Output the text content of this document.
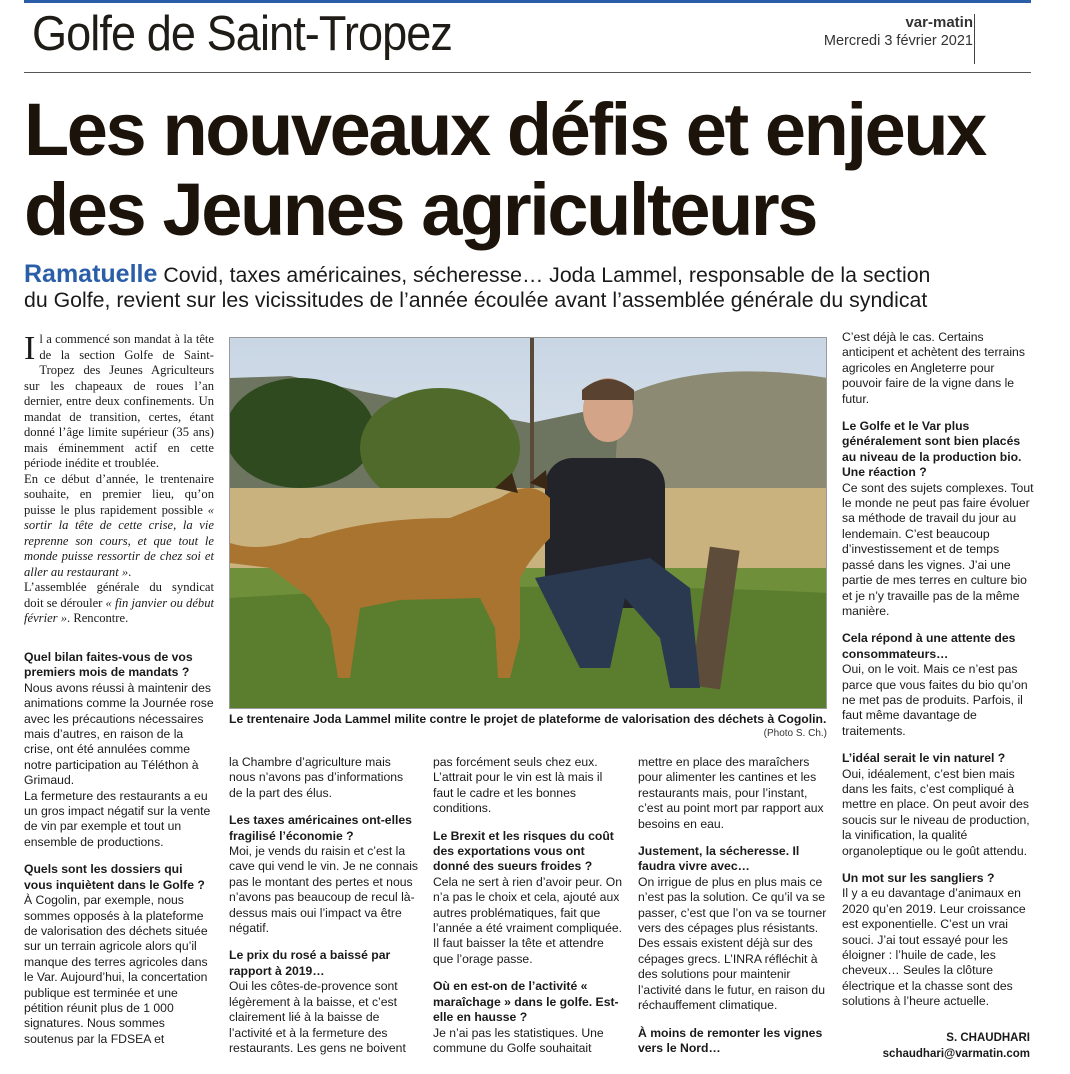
Golfe de Saint-Tropez	var-matin
Mercredi 3 février 2021
Les nouveaux défis et enjeux
des Jeunes agriculteurs
Ramatuelle Covid, taxes américaines, sécheresse… Joda Lammel, responsable de la section
du Golfe, revient sur les vicissitudes de l’année écoulée avant l’assemblée générale du syndicat

Il a commencé son mandat à la tête de la section Golfe de Saint-Tropez des Jeunes Agriculteurs sur les chapeaux de roues l’an dernier, entre deux confinements. Un mandat de transition, certes, étant donné l’âge limite supérieur (35 ans) mais éminemment actif en cette période inédite et troublée.

En ce début d’année, le trentenaire souhaite, en premier lieu, qu’on puisse le plus rapidement possible « sortir la tête de cette crise, la vie reprenne son cours, et que tout le monde puisse ressortir de chez soi et aller au restaurant ».

L’assemblée générale du syndicat doit se dérouler « fin janvier ou début février ». Rencontre.

Quel bilan faites-vous de vos premiers mois de mandats ?

Nous avons réussi à maintenir des animations comme la Journée rose avec les précautions nécessaires mais d’autres, en raison de la crise, ont été annulées comme notre participation au Téléthon à Grimaud.

La fermeture des restaurants a eu un gros impact négatif sur la vente de vin par exemple et tout un ensemble de productions.

Quels sont les dossiers qui vous inquiètent dans le Golfe ?

À Cogolin, par exemple, nous sommes opposés à la plateforme de valorisation des déchets située sur un terrain agricole alors qu’il manque des terres agricoles dans le Var. Aujourd’hui, la concertation publique est terminée et une pétition réunit plus de 1 000 signatures. Nous sommes soutenus par la FDSEA et

Le trentenaire Joda Lammel milite contre le projet de plateforme de valorisation des déchets à Cogolin.
(Photo S. Ch.)

la Chambre d’agriculture mais nous n’avons pas d’informations de la part des élus.

Les taxes américaines ont-elles fragilisé l’économie ?

Moi, je vends du raisin et c’est la cave qui vend le vin. Je ne connais pas le montant des pertes et nous n’avons pas beaucoup de recul là-dessus mais oui l’impact va être négatif.

Le prix du rosé a baissé par rapport à 2019…

Oui les côtes-de-provence sont légèrement à la baisse, et c’est clairement lié à la baisse de l’activité et à la fermeture des restaurants. Les gens ne boivent

pas forcément seuls chez eux. L’attrait pour le vin est là mais il faut le cadre et les bonnes conditions.

Le Brexit et les risques du coût des exportations vous ont donné des sueurs froides ?

Cela ne sert à rien d’avoir peur. On n’a pas le choix et cela, ajouté aux autres problématiques, fait que l’année a été vraiment compliquée. Il faut baisser la tête et attendre que l’orage passe.

Où en est-on de l’activité « maraîchage » dans le golfe. Est-elle en hausse ?

Je n’ai pas les statistiques. Une commune du Golfe souhaitait

mettre en place des maraîchers pour alimenter les cantines et les restaurants mais, pour l’instant, c’est au point mort par rapport aux besoins en eau.

Justement, la sécheresse. Il faudra vivre avec…

On irrigue de plus en plus mais ce n’est pas la solution. Ce qu’il va se passer, c’est que l’on va se tourner vers des cépages plus résistants. Des essais existent déjà sur des cépages grecs. L’INRA réfléchit à des solutions pour maintenir l’activité dans le futur, en raison du réchauffement climatique.

À moins de remonter les vignes vers le Nord…

C’est déjà le cas. Certains anticipent et achètent des terrains agricoles en Angleterre pour pouvoir faire de la vigne dans le futur.

Le Golfe et le Var plus généralement sont bien placés au niveau de la production bio. Une réaction ?

Ce sont des sujets complexes. Tout le monde ne peut pas faire évoluer sa méthode de travail du jour au lendemain. C’est beaucoup d’investissement et de temps passé dans les vignes. J’ai une partie de mes terres en culture bio et je n’y travaille pas de la même manière.

Cela répond à une attente des consommateurs…

Oui, on le voit. Mais ce n’est pas parce que vous faites du bio qu’on ne met pas de produits. Parfois, il faut même davantage de traitements.

L’idéal serait le vin naturel ?

Oui, idéalement, c’est bien mais dans les faits, c’est compliqué à mettre en place. On peut avoir des soucis sur le niveau de production, la vinification, la qualité organoleptique ou le goût attendu.

Un mot sur les sangliers ?

Il y a eu davantage d’animaux en 2020 qu’en 2019. Leur croissance est exponentielle. C’est un vrai souci. J’ai tout essayé pour les éloigner : l’huile de cade, les cheveux… Seules la clôture électrique et la chasse sont des solutions à l’heure actuelle.

S. CHAUDHARI
schaudhari@varmatin.com
